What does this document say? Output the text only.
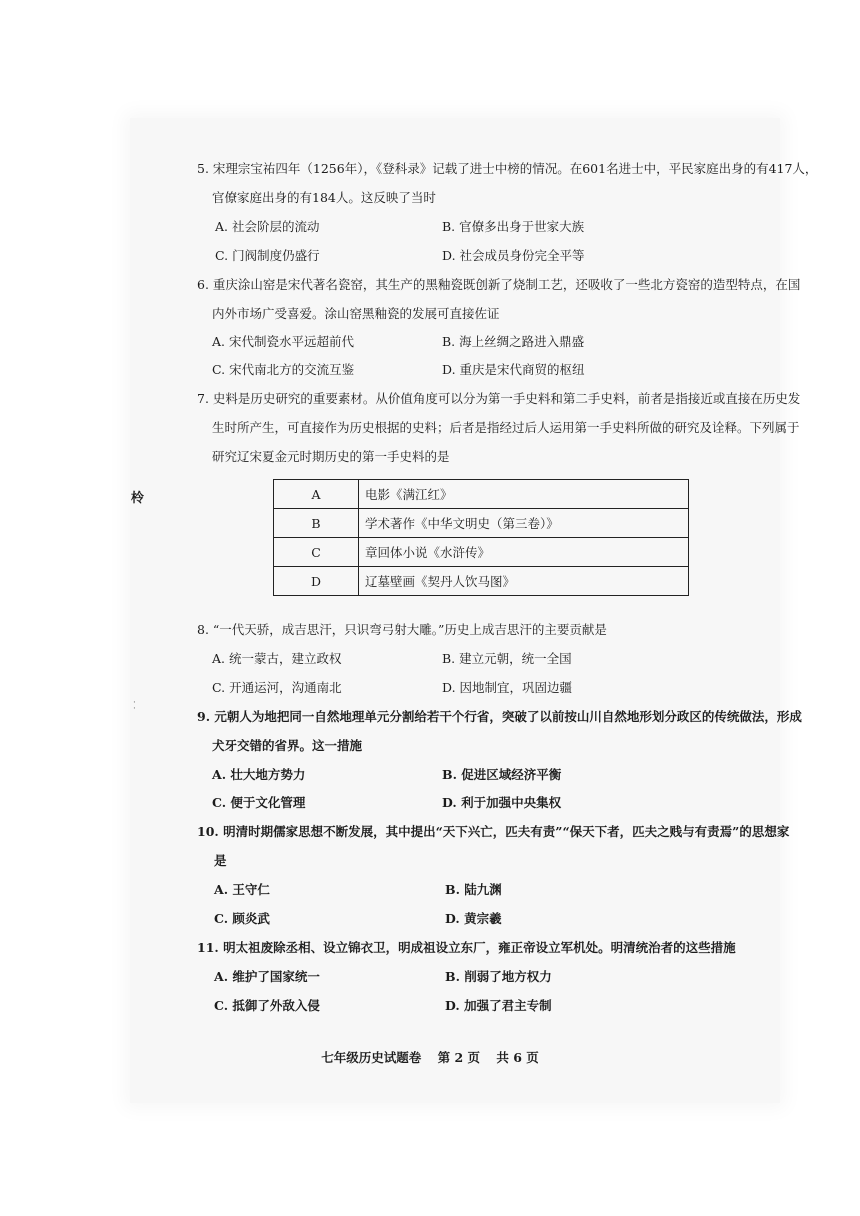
柃
·
·
5. 宋理宗宝祐四年（1256年），《登科录》记载了进士中榜的情况。在601名进士中，平民家庭出身的有417人，
官僚家庭出身的有184人。这反映了当时
A. 社会阶层的流动	B. 官僚多出身于世家大族
C. 门阀制度仍盛行	D. 社会成员身份完全平等
6. 重庆涂山窑是宋代著名瓷窑，其生产的黑釉瓷既创新了烧制工艺，还吸收了一些北方瓷窑的造型特点，在国
内外市场广受喜爱。涂山窑黑釉瓷的发展可直接佐证
A. 宋代制瓷水平远超前代	B. 海上丝绸之路进入鼎盛
C. 宋代南北方的交流互鉴	D. 重庆是宋代商贸的枢纽
7. 史料是历史研究的重要素材。从价值角度可以分为第一手史料和第二手史料，前者是指接近或直接在历史发
生时所产生，可直接作为历史根据的史料；后者是指经过后人运用第一手史料所做的研究及诠释。下列属于
研究辽宋夏金元时期历史的第一手史料的是
A	电影《满江红》
B	学术著作《中华文明史（第三卷）》
C	章回体小说《水浒传》
D	辽墓壁画《契丹人饮马图》
8. “一代天骄，成吉思汗，只识弯弓射大雕。”历史上成吉思汗的主要贡献是
A. 统一蒙古，建立政权	B. 建立元朝，统一全国
C. 开通运河，沟通南北	D. 因地制宜，巩固边疆
9. 元朝人为地把同一自然地理单元分割给若干个行省，突破了以前按山川自然地形划分政区的传统做法，形成
犬牙交错的省界。这一措施
A. 壮大地方势力	B. 促进区域经济平衡
C. 便于文化管理	D. 利于加强中央集权
10. 明清时期儒家思想不断发展，其中提出“天下兴亡，匹夫有责”“保天下者，匹夫之贱与有责焉”的思想家
是
A. 王守仁	B. 陆九渊
C. 顾炎武	D. 黄宗羲
11. 明太祖废除丞相、设立锦衣卫，明成祖设立东厂，雍正帝设立军机处。明清统治者的这些措施
A. 维护了国家统一	B. 削弱了地方权力
C. 抵御了外敌入侵	D. 加强了君主专制
七年级历史试题卷 第 2 页 共 6 页
